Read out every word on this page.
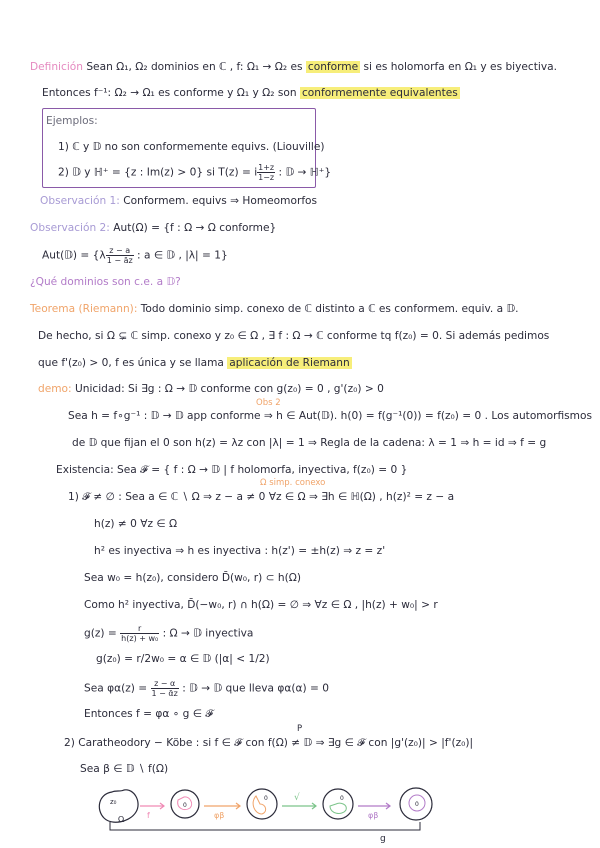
Definición Sean Ω₁, Ω₂ dominios en ℂ , f: Ω₁ → Ω₂ es conforme si es holomorfa en Ω₁ y es biyectiva.
Entonces f⁻¹: Ω₂ → Ω₁ es conforme y Ω₁ y Ω₂ son conformemente equivalentes
Ejemplos:
1) ℂ y 𝔻 no son conformemente equivs. (Liouville)
2) 𝔻 y ℍ⁺ = {z : Im(z) > 0} si T(z) = i $\frac{1+z}{1-z}$ : 𝔻 → ℍ⁺}
Observación 1: Conformem. equivs ⇒ Homeomorfos
Observación 2: Aut(Ω) = {f : Ω → Ω conforme}
Aut(𝔻) = {$\lambda \frac{z - a}{1 - āz}$ : a ∈ 𝔻 , |λ| = 1}
¿Qué dominios son c.e. a 𝔻?
Teorema (Riemann): Todo dominio simp. conexo de ℂ distinto a ℂ es conformem. equiv. a 𝔻.
De hecho, si Ω ⊊ ℂ simp. conexo y z₀ ∈ Ω , ∃ f : Ω → ℂ conforme tq f(z₀) = 0. Si además pedimos
que f'(z₀) > 0, f es única y se llama aplicación de Riemann
demo: Unicidad: Si ∃g : Ω → 𝔻 conforme con g(z₀) = 0 , g'(z₀) > 0
Obs 2
Sea h = f∘g⁻¹ : 𝔻 → 𝔻 app conforme ⇒ h ∈ Aut(𝔻). h(0) = f(g⁻¹(0)) = f(z₀) = 0 . Los automorfismos
de 𝔻 que fijan el 0 son h(z) = λz con |λ| = 1 ⇒ Regla de la cadena: λ = 1 ⇒ h = id ⇒ f = g
Existencia: Sea 𝓕 = { f : Ω → 𝔻 | f holomorfa, inyectiva, f(z₀) = 0 }
Ω simp. conexo
1) 𝓕 ≠ ∅ : Sea a ∈ ℂ ∖ Ω ⇒ z − a ≠ 0 ∀z ∈ Ω ⇒ ∃h ∈ ℍ(Ω) , h(z)² = z − a
h(z) ≠ 0 ∀z ∈ Ω
h² es inyectiva ⇒ h es inyectiva : h(z') = ±h(z) ⇒ z = z'
Sea w₀ = h(z₀), considero D̄(w₀, r) ⊂ h(Ω)
Como h² inyectiva, D̄(−w₀, r) ∩ h(Ω) = ∅ ⇒ ∀z ∈ Ω , |h(z) + w₀| > r
$g(z) = \frac{r}{\text{h(z) + w₀}}$ : Ω → 𝔻 inyectiva
g(z₀) = r/2w₀ = α ∈ 𝔻 (|α| < 1/2)
Sea $\varphi\alpha(z) = \frac{z - \alpha}{\text{1 − ᾱz}}$ : 𝔻 → 𝔻 que lleva φα(α) = 0
Entonces f = φα ∘ g ∈ 𝓕
P
2) Caratheodory − Köbe : si f ∈ 𝓕 con f(Ω) ≠ 𝔻 ⇒ ∃g ∈ 𝓕 con |g'(z₀)| > |f'(z₀)|
Sea β ∈ 𝔻 ∖ f(Ω)
z₀
Ω	f
0
φβ
0	√	0
φβ
0
g
